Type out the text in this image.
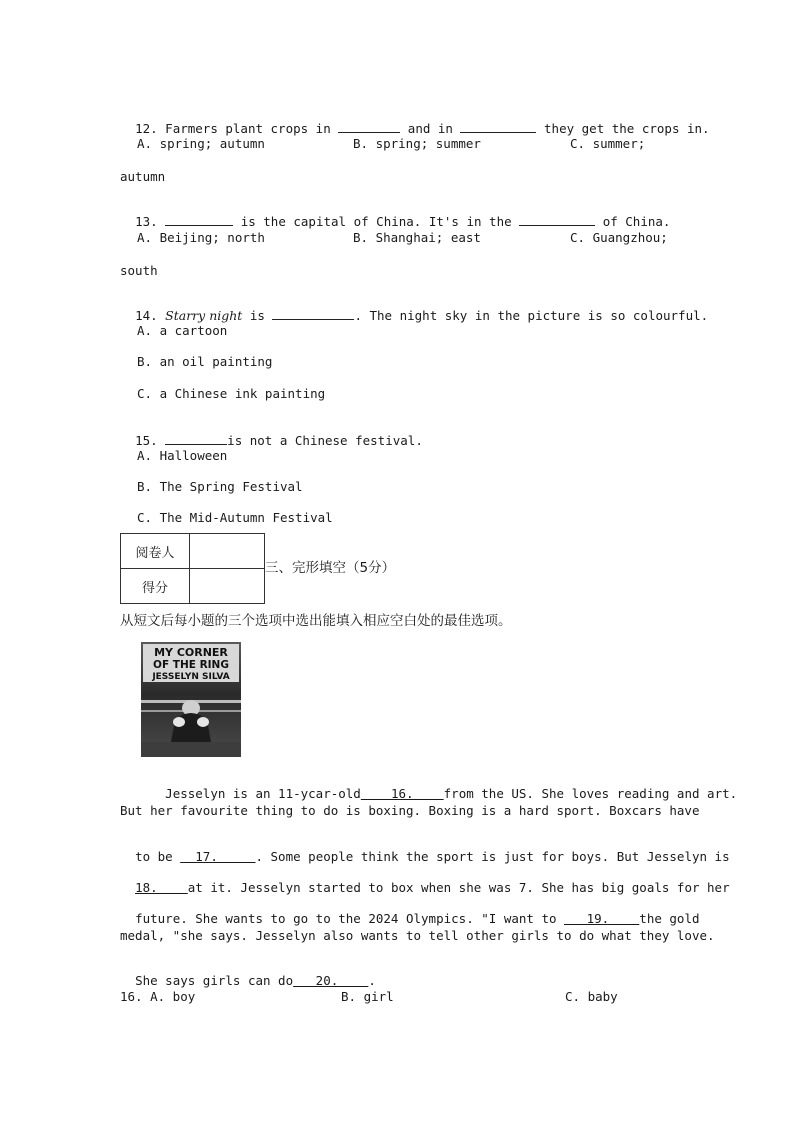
12. Farmers plant crops in	and in	they get the crops in.

A. spring; autumn	B. spring; summer	C. summer;
autumn

13.	is the capital of China. It's in the	of China.

A. Beijing; north	B. Shanghai; east	C. Guangzhou;
south

14. Starry night is	. The night sky in the picture is so colourful.

A. a cartoon
B. an oil painting
C. a Chinese ink painting

15.	is not a Chinese festival.

A. Halloween
B. The Spring Festival
C. The Mid-Autumn Festival
阅卷人	
得分	
三、完形填空（5分）
从短文后每小题的三个选项中选出能填入相应空白处的最佳选项。
MY CORNER
OF THE RING
JESSELYN SILVA

Jesselyn is an 11-ycar-old    16.    from the US. She loves reading and art.

But her favourite thing to do is boxing. Boxing is a hard sport. Boxcars have

to be   17.     . Some people think the sport is just for boys. But Jesselyn is

18.    at it. Jesselyn started to box when she was 7. She has big goals for her

future. She wants to go to the 2024 Olympics. "I want to    19.    the gold

medal, "she says. Jesselyn also wants to tell other girls to do what they love.

She says girls can do   20.    .

16. A. boy	B. girl	C. baby
